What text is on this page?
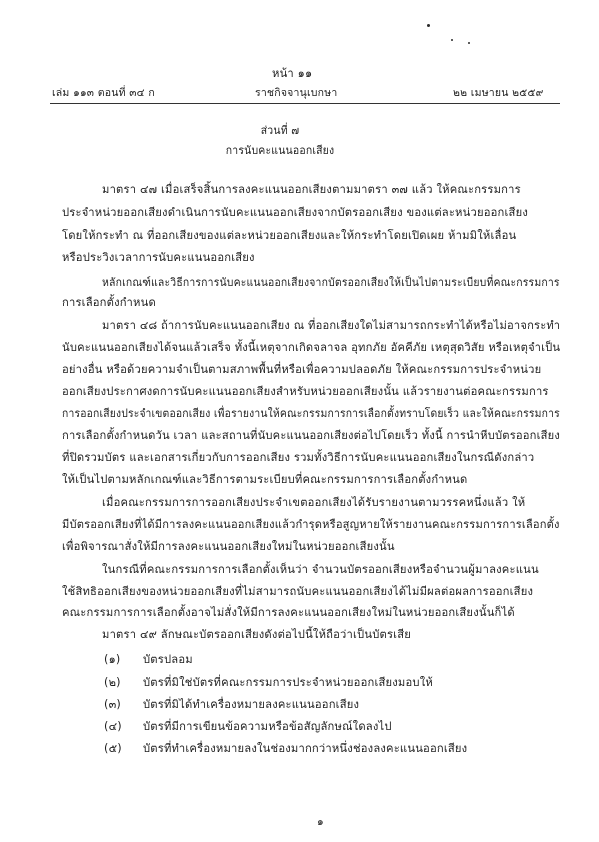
หน้า ๑๑
เล่ม ๑๑๓ ตอนที่ ๓๔ ก	ราชกิจจานุเบกษา	๒๒ เมษายน ๒๕๕๙
ส่วนที่ ๗
การนับคะแนนออกเสียง
มาตรา ๔๗ เมื่อเสร็จสิ้นการลงคะแนนออกเสียงตามมาตรา ๓๗ แล้ว ให้คณะกรรมการ
ประจำหน่วยออกเสียงดำเนินการนับคะแนนออกเสียงจากบัตรออกเสียง ของแต่ละหน่วยออกเสียง
โดยให้กระทำ ณ ที่ออกเสียงของแต่ละหน่วยออกเสียงและให้กระทำโดยเปิดเผย ห้ามมิให้เลื่อน
หรือประวิงเวลาการนับคะแนนออกเสียง
หลักเกณฑ์และวิธีการการนับคะแนนออกเสียงจากบัตรออกเสียงให้เป็นไปตามระเบียบที่คณะกรรมการ
การเลือกตั้งกำหนด
มาตรา ๔๘ ถ้าการนับคะแนนออกเสียง ณ ที่ออกเสียงใดไม่สามารถกระทำได้หรือไม่อาจกระทำ
นับคะแนนออกเสียงได้จนแล้วเสร็จ ทั้งนี้เหตุจากเกิดจลาจล อุทกภัย อัคคีภัย เหตุสุดวิสัย หรือเหตุจำเป็น
อย่างอื่น หรือด้วยความจำเป็นตามสภาพพื้นที่หรือเพื่อความปลอดภัย ให้คณะกรรมการประจำหน่วย
ออกเสียงประกาศงดการนับคะแนนออกเสียงสำหรับหน่วยออกเสียงนั้น แล้วรายงานต่อคณะกรรมการ
การออกเสียงประจำเขตออกเสียง เพื่อรายงานให้คณะกรรมการการเลือกตั้งทราบโดยเร็ว และให้คณะกรรมการ
การเลือกตั้งกำหนดวัน เวลา และสถานที่นับคะแนนออกเสียงต่อไปโดยเร็ว ทั้งนี้ การนำหีบบัตรออกเสียง
ที่ปิดรวมบัตร และเอกสารเกี่ยวกับการออกเสียง รวมทั้งวิธีการนับคะแนนออกเสียงในกรณีดังกล่าว
ให้เป็นไปตามหลักเกณฑ์และวิธีการตามระเบียบที่คณะกรรมการการเลือกตั้งกำหนด
เมื่อคณะกรรมการการออกเสียงประจำเขตออกเสียงได้รับรายงานตามวรรคหนึ่งแล้ว ให้
มีบัตรออกเสียงที่ได้มีการลงคะแนนออกเสียงแล้วกำรุดหรือสูญหายให้รายงานคณะกรรมการการเลือกตั้ง
เพื่อพิจารณาสั่งให้มีการลงคะแนนออกเสียงใหม่ในหน่วยออกเสียงนั้น
ในกรณีที่คณะกรรมการการเลือกตั้งเห็นว่า จำนวนบัตรออกเสียงหรือจำนวนผู้มาลงคะแนน
ใช้สิทธิออกเสียงของหน่วยออกเสียงที่ไม่สามารถนับคะแนนออกเสียงได้ไม่มีผลต่อผลการออกเสียง
คณะกรรมการการเลือกตั้งอาจไม่สั่งให้มีการลงคะแนนออกเสียงใหม่ในหน่วยออกเสียงนั้นก็ได้
มาตรา ๔๙ ลักษณะบัตรออกเสียงดังต่อไปนี้ให้ถือว่าเป็นบัตรเสีย
(๑) บัตรปลอม
(๒) บัตรที่มิใช่บัตรที่คณะกรรมการประจำหน่วยออกเสียงมอบให้
(๓) บัตรที่มิได้ทำเครื่องหมายลงคะแนนออกเสียง
(๔) บัตรที่มีการเขียนข้อความหรือข้อสัญลักษณ์ใดลงไป
(๕) บัตรที่ทำเครื่องหมายลงในช่องมากกว่าหนึ่งช่องลงคะแนนออกเสียง
๑
